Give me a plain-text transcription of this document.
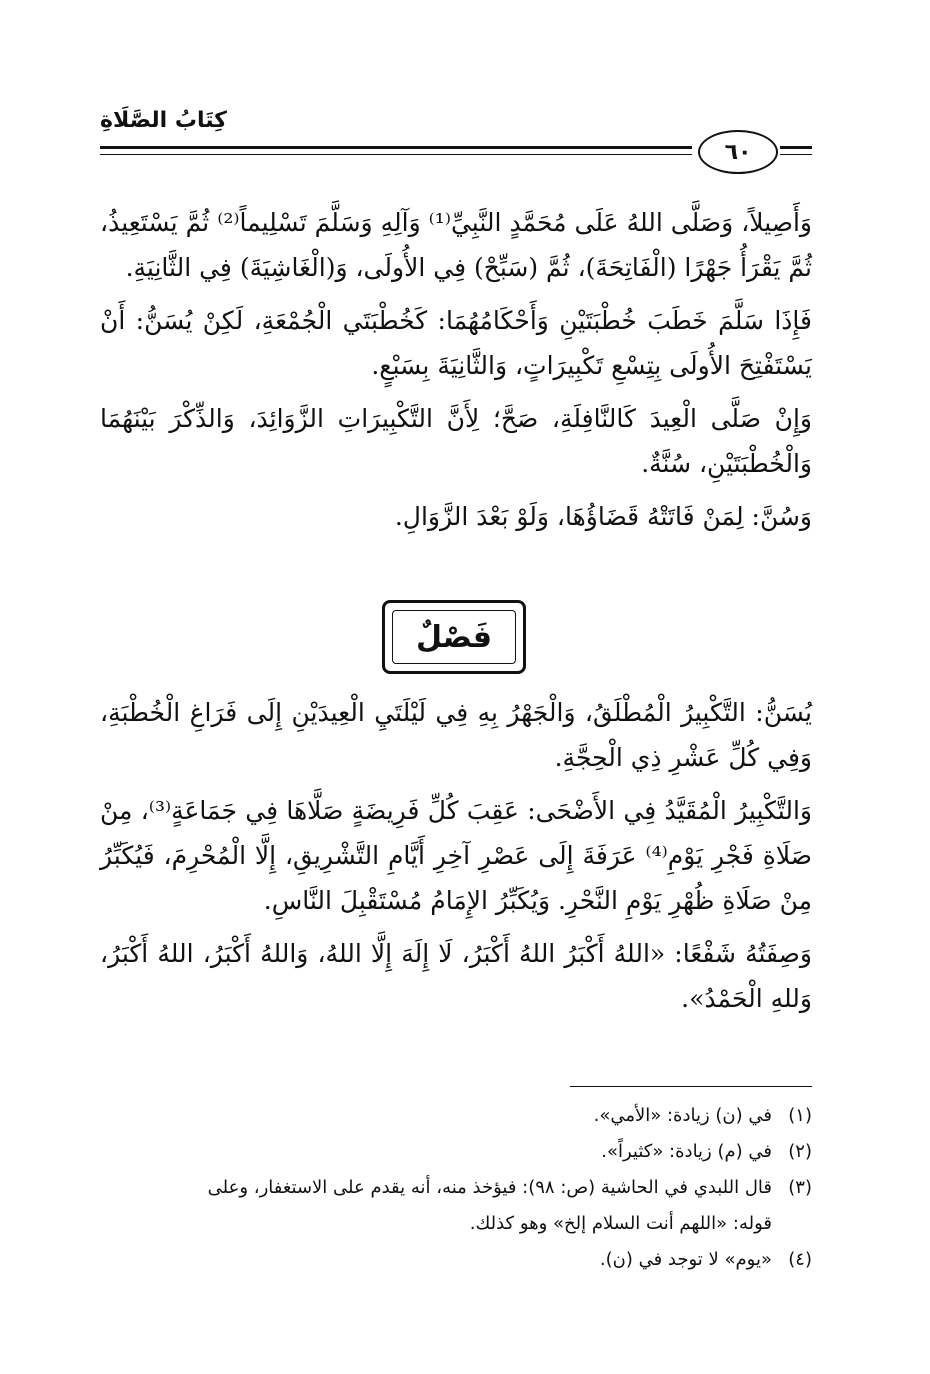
كِتَابُ الصَّلَاةِ
٦٠

وَأَصِيلاً، وَصَلَّى اللهُ عَلَى مُحَمَّدٍ النَّبِيِّ⁽¹⁾ وَآلِهِ وَسَلَّمَ تَسْلِيماً⁽²⁾ ثُمَّ يَسْتَعِيذُ، ثُمَّ يَقْرَأُ جَهْرًا (الْفَاتِحَةَ)، ثُمَّ (سَبِّحْ) فِي الأُولَى، وَ(الْغَاشِيَةَ) فِي الثَّانِيَةِ.

فَإِذَا سَلَّمَ خَطَبَ خُطْبَتَيْنِ وَأَحْكَامُهُمَا: كَخُطْبَتَي الْجُمْعَةِ، لَكِنْ يُسَنُّ: أَنْ يَسْتَفْتِحَ الأُولَى بِتِسْعِ تَكْبِيرَاتٍ، وَالثَّانِيَةَ بِسَبْعٍ.

وَإِنْ صَلَّى الْعِيدَ كَالنَّافِلَةِ، صَحَّ؛ لِأَنَّ التَّكْبِيرَاتِ الزَّوَائِدَ، وَالذِّكْرَ بَيْنَهُمَا وَالْخُطْبَتَيْنِ، سُنَّةٌ.

وَسُنَّ: لِمَنْ فَاتَتْهُ قَضَاؤُهَا، وَلَوْ بَعْدَ الزَّوَالِ.

فَصْلٌ

يُسَنُّ: التَّكْبِيرُ الْمُطْلَقُ، وَالْجَهْرُ بِهِ فِي لَيْلَتَيِ الْعِيدَيْنِ إِلَى فَرَاغِ الْخُطْبَةِ، وَفِي كُلِّ عَشْرِ ذِي الْحِجَّةِ.

وَالتَّكْبِيرُ الْمُقَيَّدُ فِي الأَضْحَى: عَقِبَ كُلِّ فَرِيضَةٍ صَلَّاهَا فِي جَمَاعَةٍ⁽³⁾، مِنْ صَلَاةِ فَجْرِ يَوْمِ⁽⁴⁾ عَرَفَةَ إِلَى عَصْرِ آخِرِ أَيَّامِ التَّشْرِيقِ، إِلَّا الْمُحْرِمَ، فَيُكَبِّرُ مِنْ صَلَاةِ ظُهْرِ يَوْمِ النَّحْرِ. وَيُكَبِّرُ الإِمَامُ مُسْتَقْبِلَ النَّاسِ.

وَصِفَتُهُ شَفْعًا: «اللهُ أَكْبَرُ اللهُ أَكْبَرُ، لَا إِلَهَ إِلَّا اللهُ، وَاللهُ أَكْبَرُ، اللهُ أَكْبَرُ، وَللهِ الْحَمْدُ».

(١)في (ن) زيادة: «الأمي».

(٢)في (م) زيادة: «كثيراً».

(٣)قال اللبدي في الحاشية (ص: ٩٨): فيؤخذ منه، أنه يقدم على الاستغفار، وعلى

قوله: «اللهم أنت السلام إلخ» وهو كذلك.

(٤)«يوم» لا توجد في (ن).
